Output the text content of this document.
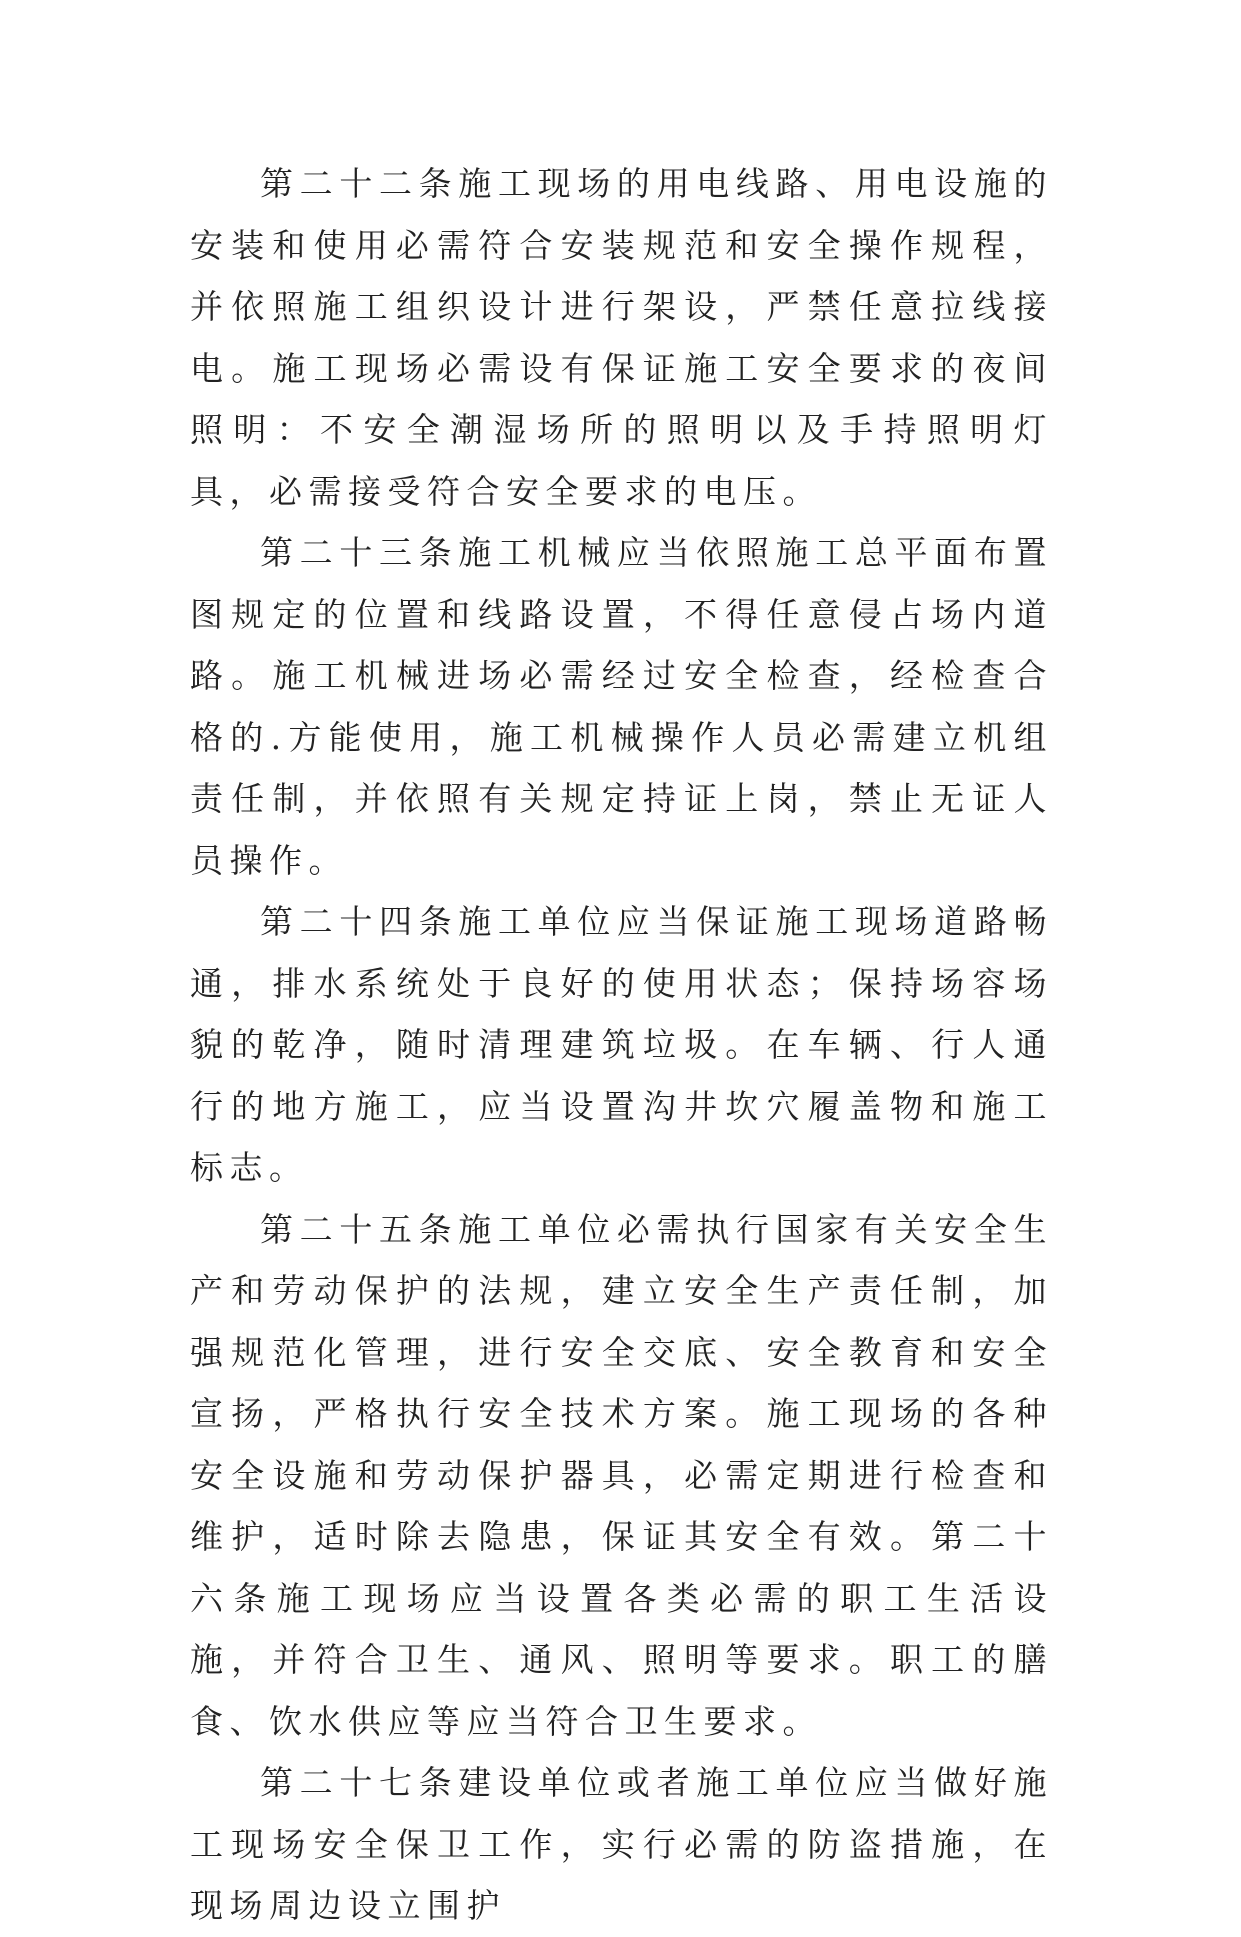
第二十二条施工现场的用电线路、用电设施的安装和使用必需符合安装规范和安全操作规程，并依照施工组织设计进行架设，严禁任意拉线接电。施工现场必需设有保证施工安全要求的夜间照明：不安全潮湿场所的照明以及手持照明灯具，必需接受符合安全要求的电压。

第二十三条施工机械应当依照施工总平面布置图规定的位置和线路设置，不得任意侵占场内道路。施工机械进场必需经过安全检查，经检查合格的.方能使用，施工机械操作人员必需建立机组责任制，并依照有关规定持证上岗，禁止无证人员操作。

第二十四条施工单位应当保证施工现场道路畅通，排水系统处于良好的使用状态；保持场容场貌的乾净，随时清理建筑垃圾。在车辆、行人通行的地方施工，应当设置沟井坎穴履盖物和施工标志。

第二十五条施工单位必需执行国家有关安全生产和劳动保护的法规，建立安全生产责任制，加强规范化管理，进行安全交底、安全教育和安全宣扬，严格执行安全技术方案。施工现场的各种安全设施和劳动保护器具，必需定期进行检查和维护，适时除去隐患，保证其安全有效。第二十六条施工现场应当设置各类必需的职工生活设施，并符合卫生、通风、照明等要求。职工的膳食、饮水供应等应当符合卫生要求。

第二十七条建设单位或者施工单位应当做好施工现场安全保卫工作，实行必需的防盗措施，在现场周边设立围护
